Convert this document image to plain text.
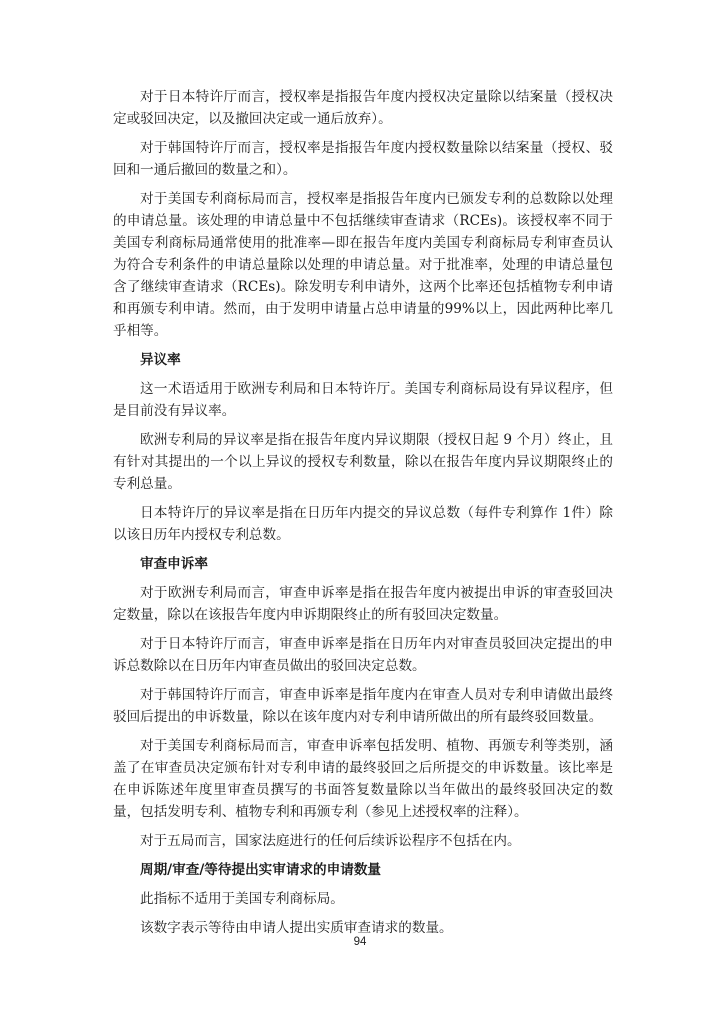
对于日本特许厅而言，授权率是指报告年度内授权决定量除以结案量（授权决定或驳回决定，以及撤回决定或一通后放弃）。

对于韩国特许厅而言，授权率是指报告年度内授权数量除以结案量（授权、驳回和一通后撤回的数量之和）。

对于美国专利商标局而言，授权率是指报告年度内已颁发专利的总数除以处理的申请总量。该处理的申请总量中不包括继续审查请求（RCEs)。该授权率不同于美国专利商标局通常使用的批准率—即在报告年度内美国专利商标局专利审查员认为符合专利条件的申请总量除以处理的申请总量。对于批准率，处理的申请总量包含了继续审查请求（RCEs)。除发明专利申请外，这两个比率还包括植物专利申请和再颁专利申请。然而，由于发明申请量占总申请量的99%以上，因此两种比率几乎相等。

异议率

这一术语适用于欧洲专利局和日本特许厅。美国专利商标局设有异议程序，但是目前没有异议率。

欧洲专利局的异议率是指在报告年度内异议期限（授权日起 9 个月）终止，且有针对其提出的一个以上异议的授权专利数量，除以在报告年度内异议期限终止的专利总量。

日本特许厅的异议率是指在日历年内提交的异议总数（每件专利算作 1件）除以该日历年内授权专利总数。

审查申诉率

对于欧洲专利局而言，审查申诉率是指在报告年度内被提出申诉的审查驳回决定数量，除以在该报告年度内申诉期限终止的所有驳回决定数量。

对于日本特许厅而言，审查申诉率是指在日历年内对审查员驳回决定提出的申诉总数除以在日历年内审查员做出的驳回决定总数。

对于韩国特许厅而言，审查申诉率是指年度内在审查人员对专利申请做出最终驳回后提出的申诉数量，除以在该年度内对专利申请所做出的所有最终驳回数量。

对于美国专利商标局而言，审查申诉率包括发明、植物、再颁专利等类别，涵盖了在审查员决定颁布针对专利申请的最终驳回之后所提交的申诉数量。该比率是在申诉陈述年度里审查员撰写的书面答复数量除以当年做出的最终驳回决定的数量，包括发明专利、植物专利和再颁专利（参见上述授权率的注释）。

对于五局而言，国家法庭进行的任何后续诉讼程序不包括在内。

周期/审查/等待提出实审请求的申请数量

此指标不适用于美国专利商标局。

该数字表示等待由申请人提出实质审查请求的数量。

94
